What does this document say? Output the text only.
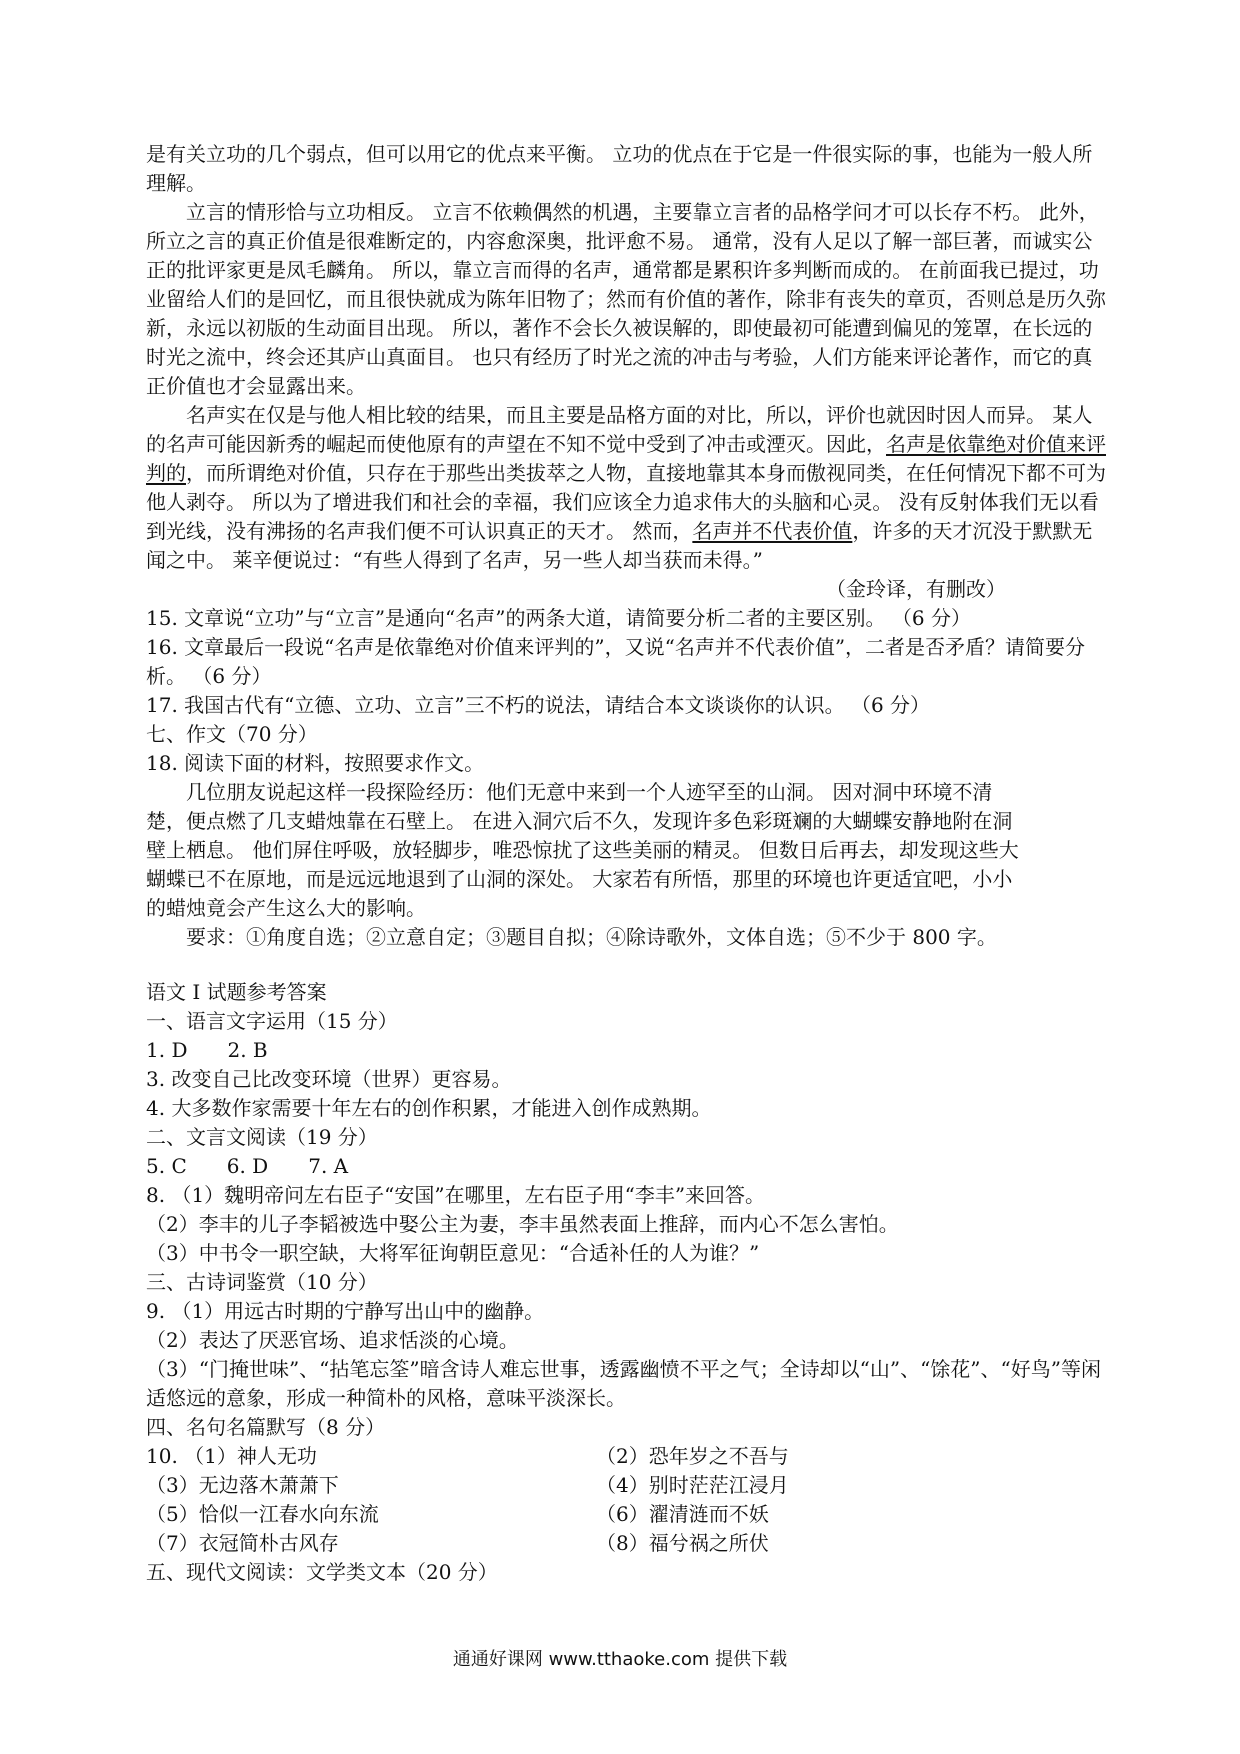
是有关立功的几个弱点，但可以用它的优点来平衡。 立功的优点在于它是一件很实际的事，也能为一般人所理解。

立言的情形恰与立功相反。 立言不依赖偶然的机遇，主要靠立言者的品格学问才可以长存不朽。 此外，所立之言的真正价值是很难断定的，内容愈深奥，批评愈不易。 通常，没有人足以了解一部巨著，而诚实公正的批评家更是凤毛麟角。 所以，靠立言而得的名声，通常都是累积许多判断而成的。 在前面我已提过，功业留给人们的是回忆，而且很快就成为陈年旧物了；然而有价值的著作，除非有丧失的章页，否则总是历久弥新，永远以初版的生动面目出现。 所以，著作不会长久被误解的，即使最初可能遭到偏见的笼罩，在长远的时光之流中，终会还其庐山真面目。 也只有经历了时光之流的冲击与考验，人们方能来评论著作，而它的真正价值也才会显露出来。

名声实在仅是与他人相比较的结果，而且主要是品格方面的对比，所以，评价也就因时因人而异。 某人的名声可能因新秀的崛起而使他原有的声望在不知不觉中受到了冲击或湮灭。因此，名声是依靠绝对价值来评判的，而所谓绝对价值，只存在于那些出类拔萃之人物，直接地靠其本身而傲视同类，在任何情况下都不可为他人剥夺。 所以为了增进我们和社会的幸福，我们应该全力追求伟大的头脑和心灵。 没有反射体我们无以看到光线，没有沸扬的名声我们便不可认识真正的天才。 然而，名声并不代表价值，许多的天才沉没于默默无闻之中。 莱辛便说过：“有些人得到了名声，另一些人却当获而未得。”

（金玲译，有删改）

15. 文章说“立功”与“立言”是通向“名声”的两条大道，请简要分析二者的主要区别。 （6 分）

16. 文章最后一段说“名声是依靠绝对价值来评判的”，又说“名声并不代表价值”，二者是否矛盾？请简要分析。 （6 分）

17. 我国古代有“立德、立功、立言”三不朽的说法，请结合本文谈谈你的认识。 （6 分）

七、作文（70 分）

18. 阅读下面的材料，按照要求作文。

几位朋友说起这样一段探险经历：他们无意中来到一个人迹罕至的山洞。 因对洞中环境不清楚，便点燃了几支蜡烛靠在石壁上。 在进入洞穴后不久，发现许多色彩斑斓的大蝴蝶安静地附在洞壁上栖息。 他们屏住呼吸，放轻脚步，唯恐惊扰了这些美丽的精灵。 但数日后再去，却发现这些大蝴蝶已不在原地，而是远远地退到了山洞的深处。 大家若有所悟，那里的环境也许更适宜吧，小小的蜡烛竟会产生这么大的影响。

要求：①角度自选；②立意自定；③题目自拟；④除诗歌外，文体自选；⑤不少于 800 字。

语文 I 试题参考答案

一、语言文字运用（15 分）

1. D　　2. B

3. 改变自己比改变环境（世界）更容易。

4. 大多数作家需要十年左右的创作积累，才能进入创作成熟期。

二、文言文阅读（19 分）

5. C　　6. D　　7. A

8. （1）魏明帝问左右臣子“安国”在哪里，左右臣子用“李丰”来回答。

（2）李丰的儿子李韬被选中娶公主为妻，李丰虽然表面上推辞，而内心不怎么害怕。

（3）中书令一职空缺，大将军征询朝臣意见：“合适补任的人为谁？”

三、古诗词鉴赏（10 分）

9. （1）用远古时期的宁静写出山中的幽静。

（2）表达了厌恶官场、追求恬淡的心境。

（3）“门掩世味”、“拈笔忘筌”暗含诗人难忘世事，透露幽愤不平之气；全诗却以“山”、“馀花”、“好鸟”等闲适悠远的意象，形成一种简朴的风格，意味平淡深长。

四、名句名篇默写（8 分）

10. （1）神人无功	（2）恐年岁之不吾与
（3）无边落木萧萧下	（4）别时茫茫江浸月
（5）恰似一江春水向东流	（6）濯清涟而不妖
（7）衣冠简朴古风存	（8）福兮祸之所伏

五、现代文阅读：文学类文本（20 分）

通通好课网 www.tthaoke.com 提供下载
